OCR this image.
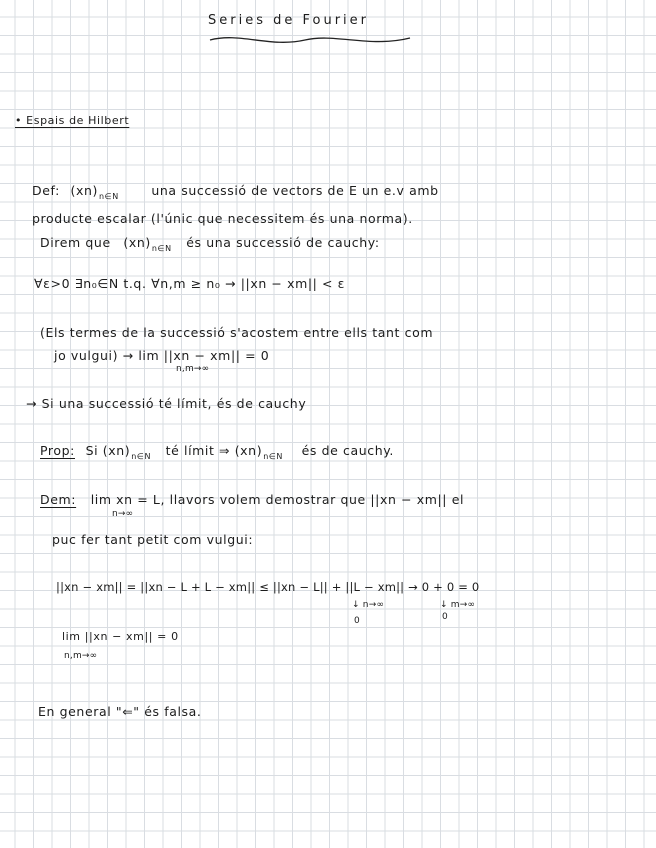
Series de Fourier
• Espais de Hilbert
Def: $(xn)_{n\in N}$	una successió de vectors de E un e.v amb
producte escalar (l'únic que necessitem és una norma).
Direm que $(xn)_{n\in N}$ és una successió de cauchy:
∀ε>0 ∃n₀∈N t.q. ∀n,m ≥ n₀ → ||xn − xm|| < ε
(Els termes de la successió s'acostem entre ells tant com
jo vulgui) → lim ||xn − xm|| = 0
n,m→∞
→ Si una successió té límit, és de cauchy
Prop: Si $(xn)_{n\in N}$ té límit ⇒ $(xn)_{n\in N}$ és de cauchy.
Dem: lim xn = L, llavors volem demostrar que ||xn − xm|| el
n→∞
puc fer tant petit com vulgui:
||xn − xm|| = ||xn − L + L − xm|| ≤ ||xn − L|| + ||L − xm|| → 0 + 0 = 0
↓ n→∞	↓ m→∞
0	0
lim ||xn − xm|| = 0
n,m→∞
En general "⇐" és falsa.
